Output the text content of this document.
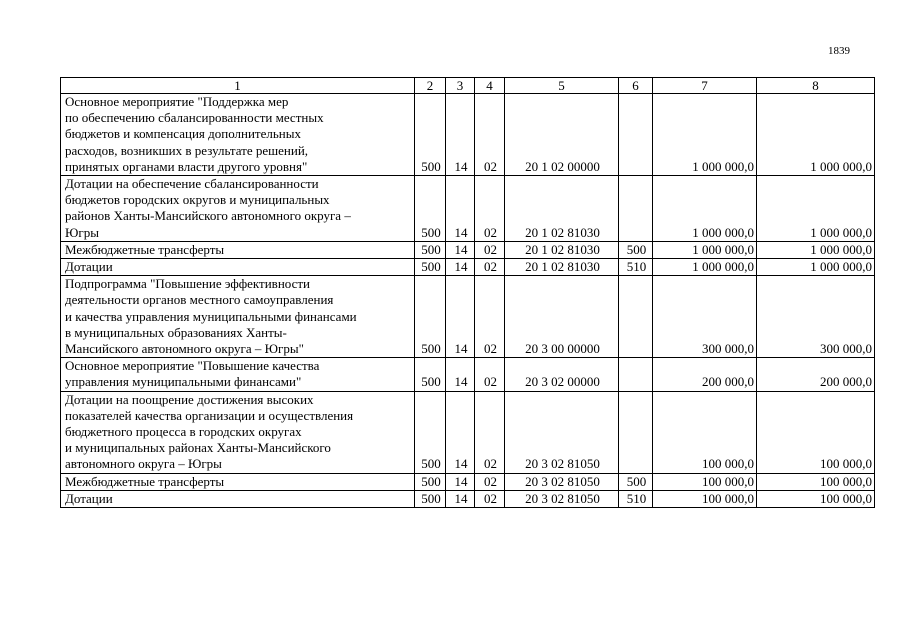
1839
1	2	3	4	5	6	7	8

Основное мероприятие "Поддержка мер
по обеспечению сбалансированности местных
бюджетов и компенсация дополнительных
расходов, возникших в результате решений,
принятых органами власти другого уровня"	500	14	02	20 1 02 00000		1 000 000,0	1 000 000,0

Дотации на обеспечение сбалансированности
бюджетов городских округов и муниципальных
районов Ханты-Мансийского автономного округа –
Югры	500	14	02	20 1 02 81030		1 000 000,0	1 000 000,0

Межбюджетные трансферты	500	14	02	20 1 02 81030	500	1 000 000,0	1 000 000,0

Дотации	500	14	02	20 1 02 81030	510	1 000 000,0	1 000 000,0

Подпрограмма "Повышение эффективности
деятельности органов местного самоуправления
и качества управления муниципальными финансами
в муниципальных образованиях Ханты-
Мансийского автономного округа – Югры"	500	14	02	20 3 00 00000		300 000,0	300 000,0

Основное мероприятие "Повышение качества
управления муниципальными финансами"	500	14	02	20 3 02 00000		200 000,0	200 000,0

Дотации на поощрение достижения высоких
показателей качества организации и осуществления
бюджетного процесса в городских округах
и муниципальных районах Ханты-Мансийского
автономного округа – Югры	500	14	02	20 3 02 81050		100 000,0	100 000,0

Межбюджетные трансферты	500	14	02	20 3 02 81050	500	100 000,0	100 000,0

Дотации	500	14	02	20 3 02 81050	510	100 000,0	100 000,0
